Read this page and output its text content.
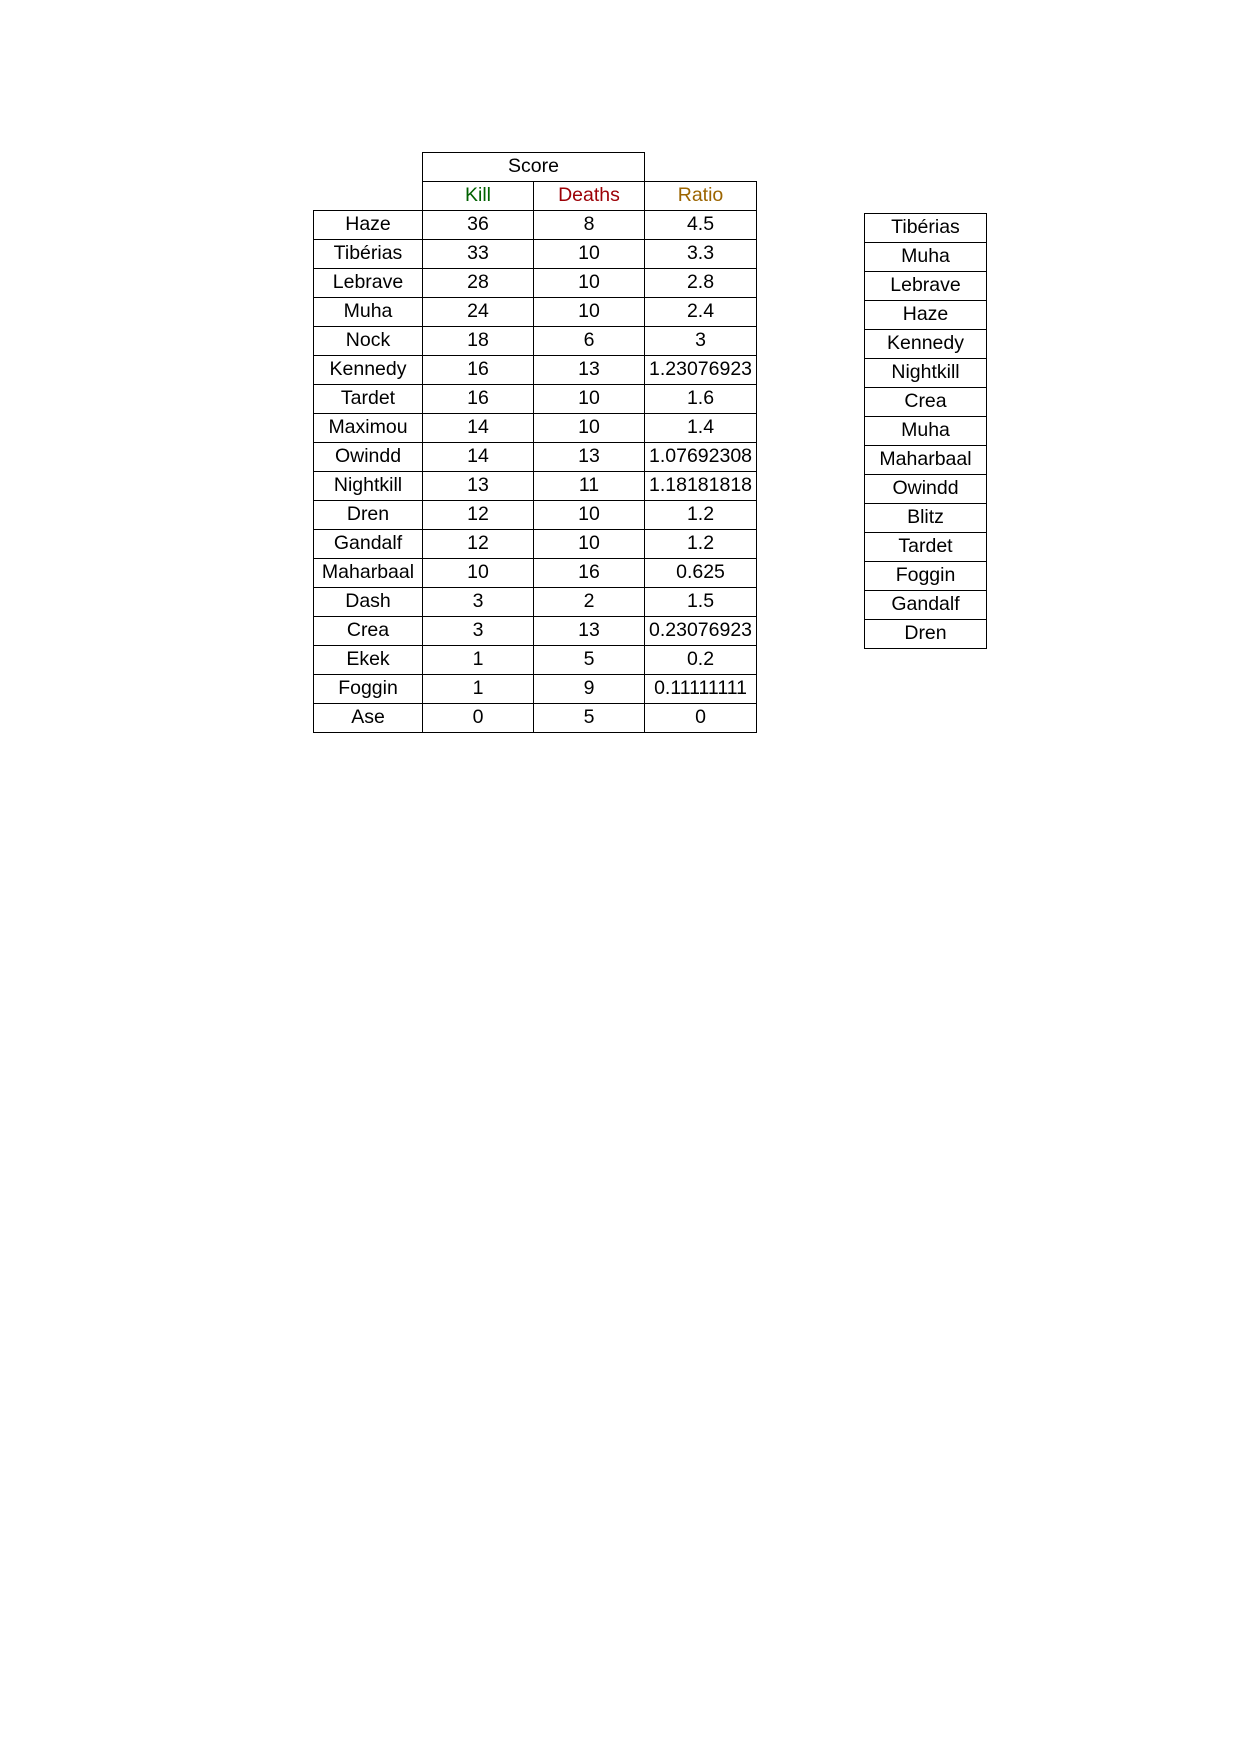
	Score		
	Kill	Deaths	Ratio
Haze	36	8	4.5
Tibérias	33	10	3.3
Lebrave	28	10	2.8
Muha	24	10	2.4
Nock	18	6	3
Kennedy	16	13	1.23076923
Tardet	16	10	1.6
Maximou	14	10	1.4
Owindd	14	13	1.07692308
Nightkill	13	11	1.18181818
Dren	12	10	1.2
Gandalf	12	10	1.2
Maharbaal	10	16	0.625
Dash	3	2	1.5
Crea	3	13	0.23076923
Ekek	1	5	0.2
Foggin	1	9	0.11111111
Ase	0	5	0
Tibérias
Muha
Lebrave
Haze
Kennedy
Nightkill
Crea
Muha
Maharbaal
Owindd
Blitz
Tardet
Foggin
Gandalf
Dren
